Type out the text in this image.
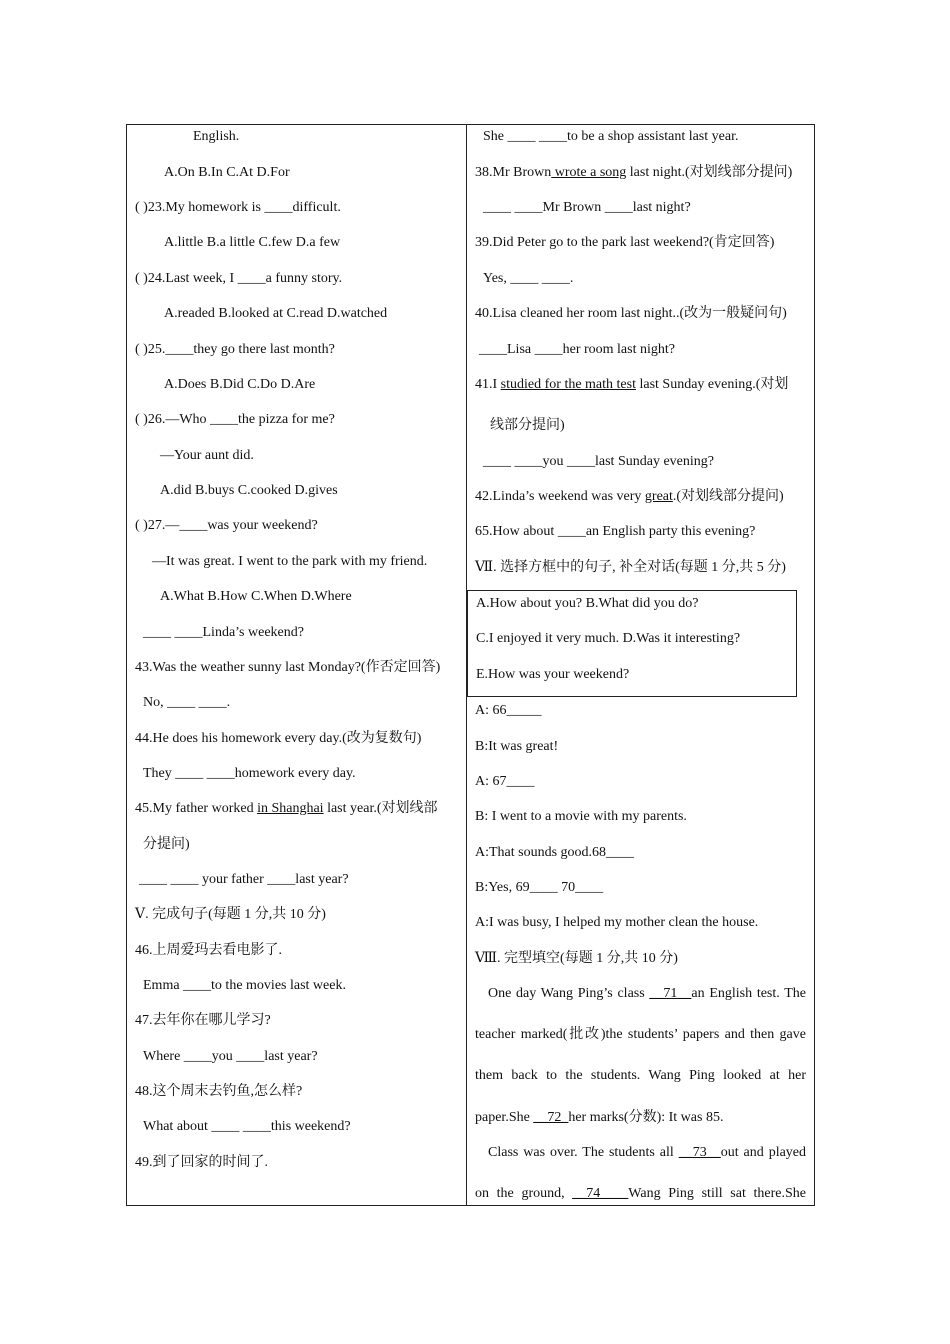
English.
A.On B.In C.At D.For
( )23.My homework is ____difficult.
A.little B.a little C.few D.a few
( )24.Last week, I ____a funny story.
A.readed B.looked at C.read D.watched
( )25.____they go there last month?
A.Does B.Did C.Do D.Are
( )26.—Who ____the pizza for me?
—Your aunt did.
A.did B.buys C.cooked D.gives
( )27.—____was your weekend?
—It was great. I went to the park with my friend.
A.What B.How C.When D.Where
____ ____Linda’s weekend?
43.Was the weather sunny last Monday?(作否定回答)
No, ____ ____.
44.He does his homework every day.(改为复数句)
They ____ ____homework every day.
45.My father worked in Shanghai last year.(对划线部
分提问)
____ ____ your father ____last year?
Ⅴ. 完成句子(每题 1 分,共 10 分)
46.上周爱玛去看电影了.
Emma ____to the movies last week.
47.去年你在哪儿学习?
Where ____you ____last year?
48.这个周末去钓鱼,怎么样?
What about ____ ____this weekend?
49.到了回家的时间了.
She ____ ____to be a shop assistant last year.
38.Mr Brown wrote a song last night.(对划线部分提问)
____ ____Mr Brown ____last night?
39.Did Peter go to the park last weekend?(肯定回答)
Yes, ____ ____.
40.Lisa cleaned her room last night..(改为一般疑问句)
____Lisa ____her room last night?
41.I studied for the math test last Sunday evening.(对划
线部分提问)
____ ____you ____last Sunday evening?
42.Linda’s weekend was very great.(对划线部分提问)
65.How about ____an English party this evening?
Ⅶ. 选择方框中的句子, 补全对话(每题 1 分,共 5 分)
A.How about you? B.What did you do?
C.I enjoyed it very much. D.Was it interesting?
E.How was your weekend?
A: 66_____
B:It was great!
A: 67____
B: I went to a movie with my parents.
A:That sounds good.68____
B:Yes, 69____ 70____
A:I was busy, I helped my mother clean the house.
Ⅷ. 完型填空(每题 1 分,共 10 分)
One day Wang Ping’s class __71__an English test. The
teacher marked(批改)the students’ papers and then gave
them back to the students. Wang Ping looked at her
paper.She __72_her marks(分数): It was 85.
Class was over. The students all __73__out and played
on the ground, __74____Wang Ping still sat there.She
